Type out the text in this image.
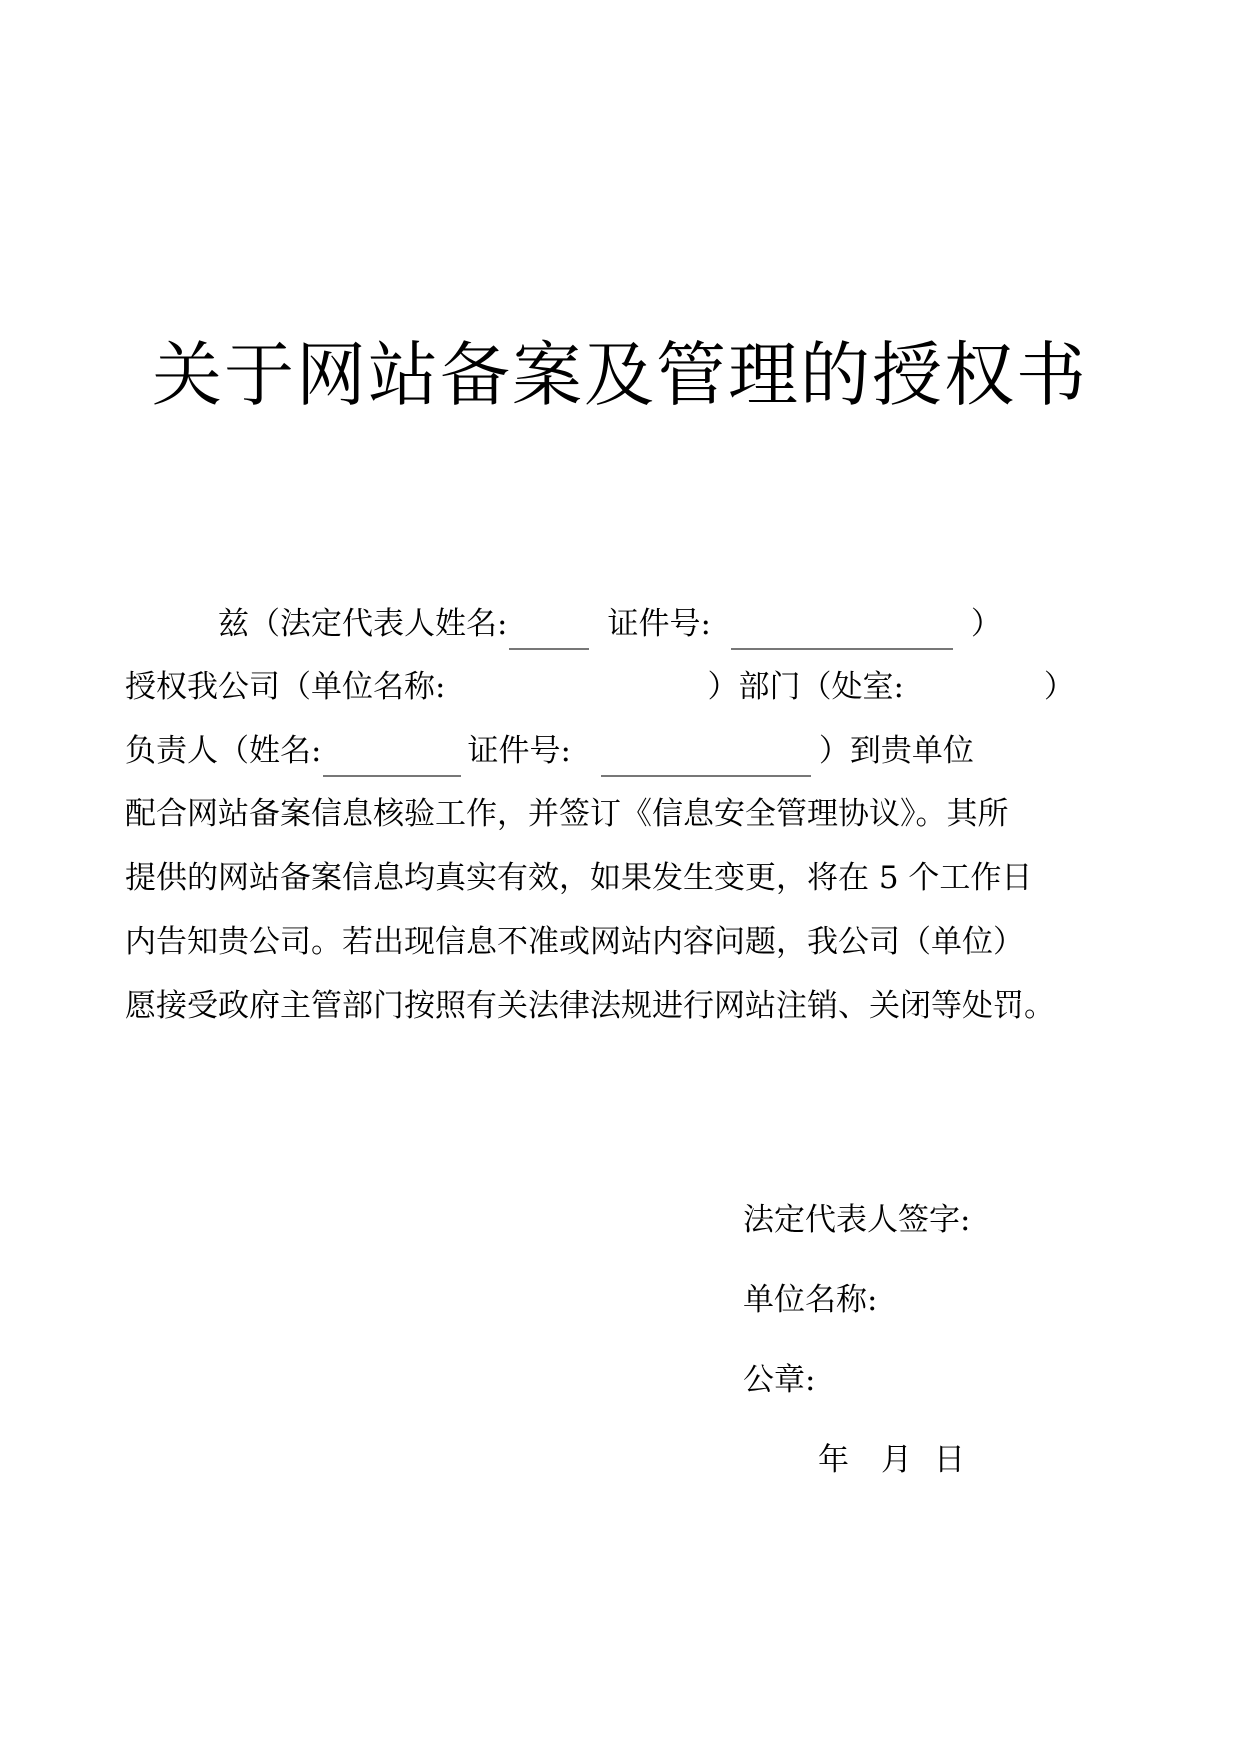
关于网站备案及管理的授权书
兹（法定代表人姓名:	证件号:	）
授权我公司（单位名称:	）部门（处室:	）
负责人（姓名:	证件号:	）到贵单位
配合网站备案信息核验工作，并签订《信息安全管理协议》。其所
提供的网站备案信息均真实有效，如果发生变更，将在 5 个工作日
内告知贵公司。若出现信息不准或网站内容问题，我公司（单位）
愿接受政府主管部门按照有关法律法规进行网站注销、关闭等处罚。
法定代表人签字:
单位名称:
公章:
年 月 日
